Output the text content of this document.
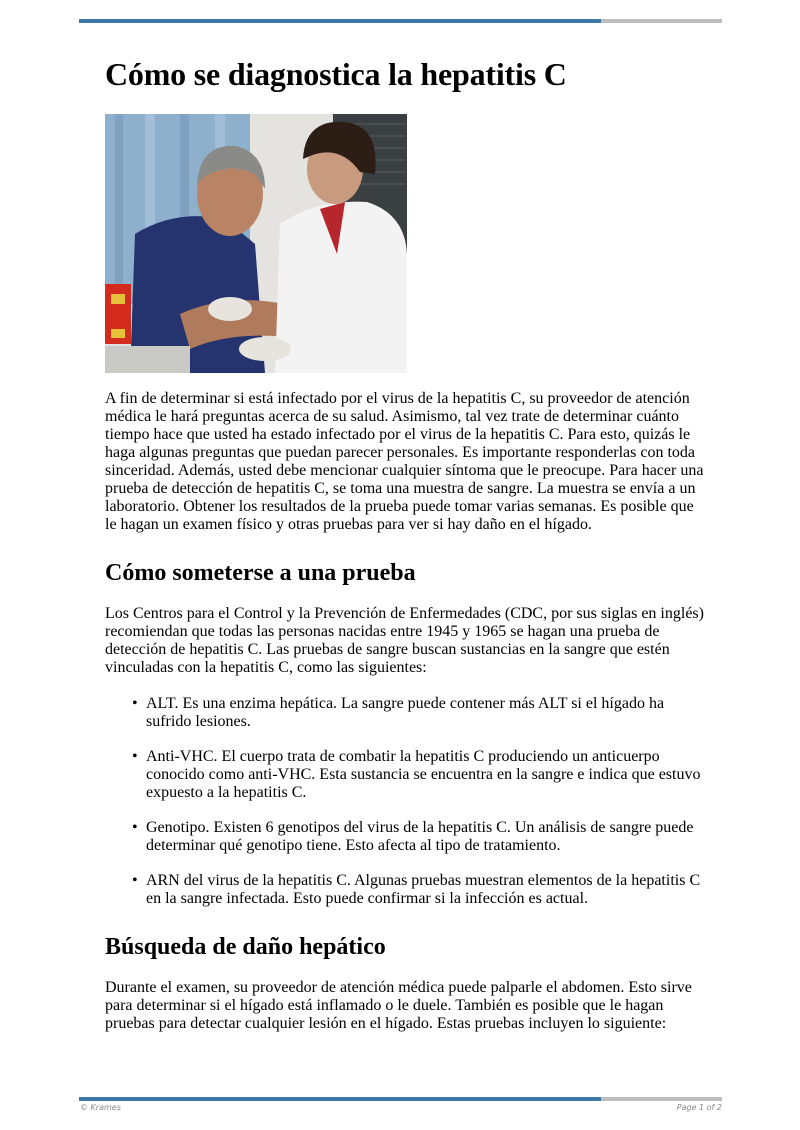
Cómo se diagnostica la hepatitis C

A fin de determinar si está infectado por el virus de la hepatitis C, su proveedor de atención médica le hará preguntas acerca de su salud. Asimismo, tal vez trate de determinar cuánto tiempo hace que usted ha estado infectado por el virus de la hepatitis C. Para esto, quizás le haga algunas preguntas que puedan parecer personales. Es importante responderlas con toda sinceridad. Además, usted debe mencionar cualquier síntoma que le preocupe. Para hacer una prueba de detección de hepatitis C, se toma una muestra de sangre. La muestra se envía a un laboratorio. Obtener los resultados de la prueba puede tomar varias semanas. Es posible que le hagan un examen físico y otras pruebas para ver si hay daño en el hígado.

Cómo someterse a una prueba

Los Centros para el Control y la Prevención de Enfermedades (CDC, por sus siglas en inglés) recomiendan que todas las personas nacidas entre 1945 y 1965 se hagan una prueba de detección de hepatitis C. Las pruebas de sangre buscan sustancias en la sangre que estén vinculadas con la hepatitis C, como las siguientes:

• ALT. Es una enzima hepática. La sangre puede contener más ALT si el hígado ha sufrido lesiones.
• Anti-VHC. El cuerpo trata de combatir la hepatitis C produciendo un anticuerpo conocido como anti-VHC. Esta sustancia se encuentra en la sangre e indica que estuvo expuesto a la hepatitis C.
• Genotipo. Existen 6 genotipos del virus de la hepatitis C. Un análisis de sangre puede determinar qué genotipo tiene. Esto afecta al tipo de tratamiento.
• ARN del virus de la hepatitis C. Algunas pruebas muestran elementos de la hepatitis C en la sangre infectada. Esto puede confirmar si la infección es actual.
Búsqueda de daño hepático

Durante el examen, su proveedor de atención médica puede palparle el abdomen. Esto sirve para determinar si el hígado está inflamado o le duele. También es posible que le hagan pruebas para detectar cualquier lesión en el hígado. Estas pruebas incluyen lo siguiente:

© Krames	Page 1 of 2
